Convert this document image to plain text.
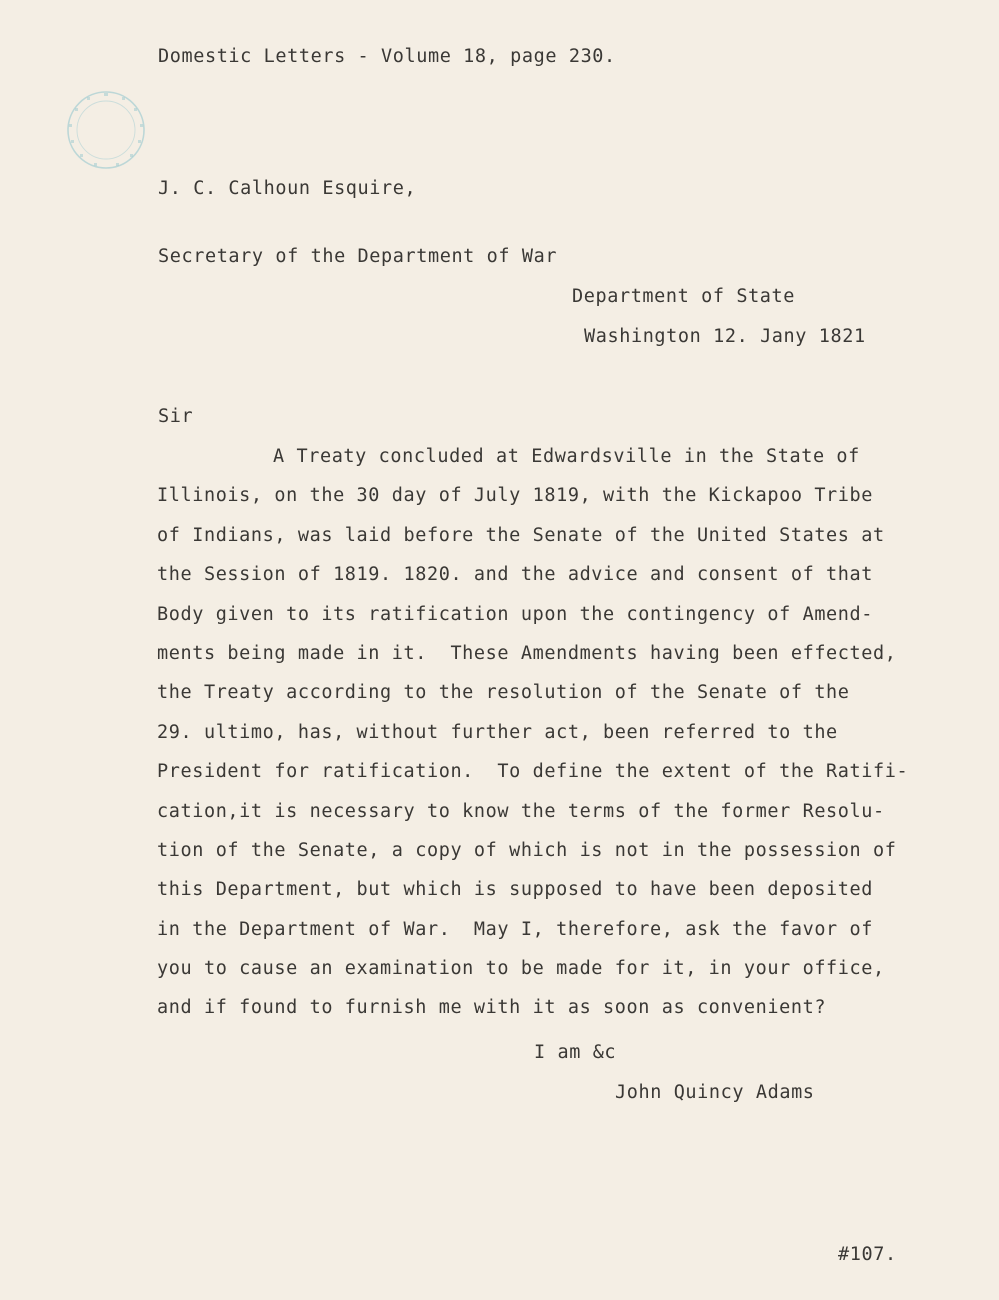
Domestic Letters - Volume 18, page 230.
J. C. Calhoun Esquire,
Secretary of the Department of War
Department of State
Washington 12. Jany 1821
Sir
A Treaty concluded at Edwardsville in the State of
Illinois, on the 30 day of July 1819, with the Kickapoo Tribe
of Indians, was laid before the Senate of the United States at
the Session of 1819. 1820. and the advice and consent of that
Body given to its ratification upon the contingency of Amend-
ments being made in it.  These Amendments having been effected,
the Treaty according to the resolution of the Senate of the
29. ultimo, has, without further act, been referred to the
President for ratification.  To define the extent of the Ratifi-
cation,it is necessary to know the terms of the former Resolu-
tion of the Senate, a copy of which is not in the possession of
this Department, but which is supposed to have been deposited
in the Department of War.  May I, therefore, ask the favor of
you to cause an examination to be made for it, in your office,
and if found to furnish me with it as soon as convenient?
I am &c
John Quincy Adams
#107.
